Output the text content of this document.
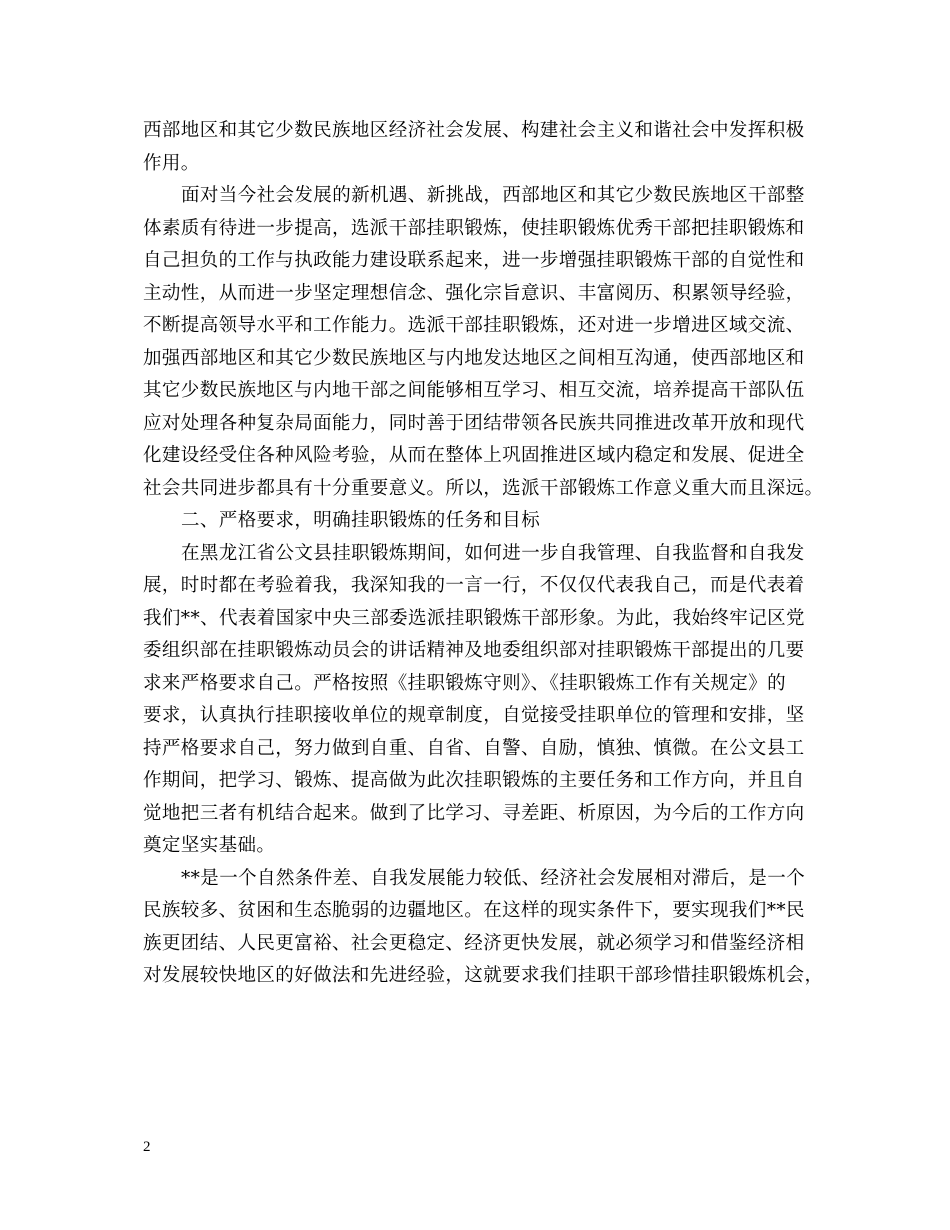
西部地区和其它少数民族地区经济社会发展、构建社会主义和谐社会中发挥积极
作用。
面对当今社会发展的新机遇、新挑战，西部地区和其它少数民族地区干部整
体素质有待进一步提高，选派干部挂职锻炼，使挂职锻炼优秀干部把挂职锻炼和
自己担负的工作与执政能力建设联系起来，进一步增强挂职锻炼干部的自觉性和
主动性，从而进一步坚定理想信念、强化宗旨意识、丰富阅历、积累领导经验，
不断提高领导水平和工作能力。选派干部挂职锻炼，还对进一步增进区域交流、
加强西部地区和其它少数民族地区与内地发达地区之间相互沟通，使西部地区和
其它少数民族地区与内地干部之间能够相互学习、相互交流，培养提高干部队伍
应对处理各种复杂局面能力，同时善于团结带领各民族共同推进改革开放和现代
化建设经受住各种风险考验，从而在整体上巩固推进区域内稳定和发展、促进全
社会共同进步都具有十分重要意义。所以，选派干部锻炼工作意义重大而且深远。
二、严格要求，明确挂职锻炼的任务和目标
在黑龙江省公文县挂职锻炼期间，如何进一步自我管理、自我监督和自我发
展，时时都在考验着我，我深知我的一言一行，不仅仅代表我自己，而是代表着
我们**、代表着国家中央三部委选派挂职锻炼干部形象。为此，我始终牢记区党
委组织部在挂职锻炼动员会的讲话精神及地委组织部对挂职锻炼干部提出的几要
求来严格要求自己。严格按照《挂职锻炼守则》、《挂职锻炼工作有关规定》的
要求，认真执行挂职接收单位的规章制度，自觉接受挂职单位的管理和安排，坚
持严格要求自己，努力做到自重、自省、自警、自励，慎独、慎微。在公文县工
作期间，把学习、锻炼、提高做为此次挂职锻炼的主要任务和工作方向，并且自
觉地把三者有机结合起来。做到了比学习、寻差距、析原因，为今后的工作方向
奠定坚实基础。
**是一个自然条件差、自我发展能力较低、经济社会发展相对滞后，是一个
民族较多、贫困和生态脆弱的边疆地区。在这样的现实条件下，要实现我们**民
族更团结、人民更富裕、社会更稳定、经济更快发展，就必须学习和借鉴经济相
对发展较快地区的好做法和先进经验，这就要求我们挂职干部珍惜挂职锻炼机会，
2
